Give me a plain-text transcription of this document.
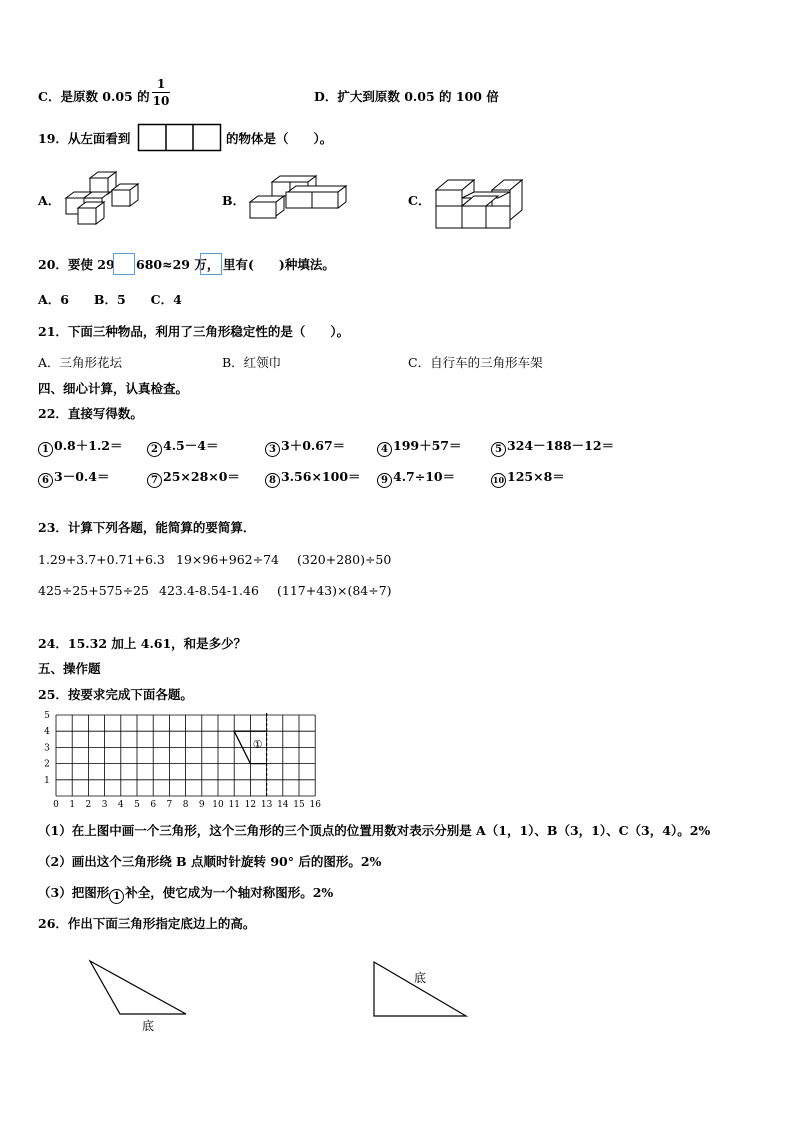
C．是原数 0.05 的
1
10	D．扩大到原数 0.05 的 100 倍
19．从左面看到	的物体是（　　）。
A．	B．	C．
20．要使 29 680≈29 万， 里有(　　)种填法。
A．6　　B．5　　C．4
21．下面三种物品，利用了三角形稳定性的是（　　）。
A．三角形花坛	B．红领巾	C．自行车的三角形车架
四、细心计算，认真检查。
22．直接写得数。
23．计算下列各题，能简算的要简算．
1.29+3.7+0.71+6.3 19×96+962÷74 (320+280)÷50
425÷25+575÷25 423.4-8.54-1.46 (117+43)×(84÷7)
24．15.32 加上 4.61，和是多少？
五、操作题
25．按要求完成下面各题。
0 1 2 3 4 5 6 7 8 9 10 11 12 13 14 15 16
1
2
3
4
5
①
（1）在上图中画一个三角形，这个三角形的三个顶点的位置用数对表示分别是 A（1，1）、B（3，1）、C（3，4）。2%
（2）画出这个三角形绕 B 点顺时针旋转 90° 后的图形。2%
（3）把图形 1 补全，使它成为一个轴对称图形。2%
26．作出下面三角形指定底边上的高。
底
底
1 0.8＋1.2＝	2 4.5－4＝	3 3＋0.67＝	4 199＋57＝	5 324－188－12＝
6 3－0.4＝	7 25×28×0＝	8 3.56×100＝	9 4.7÷10＝	10 125×8＝
